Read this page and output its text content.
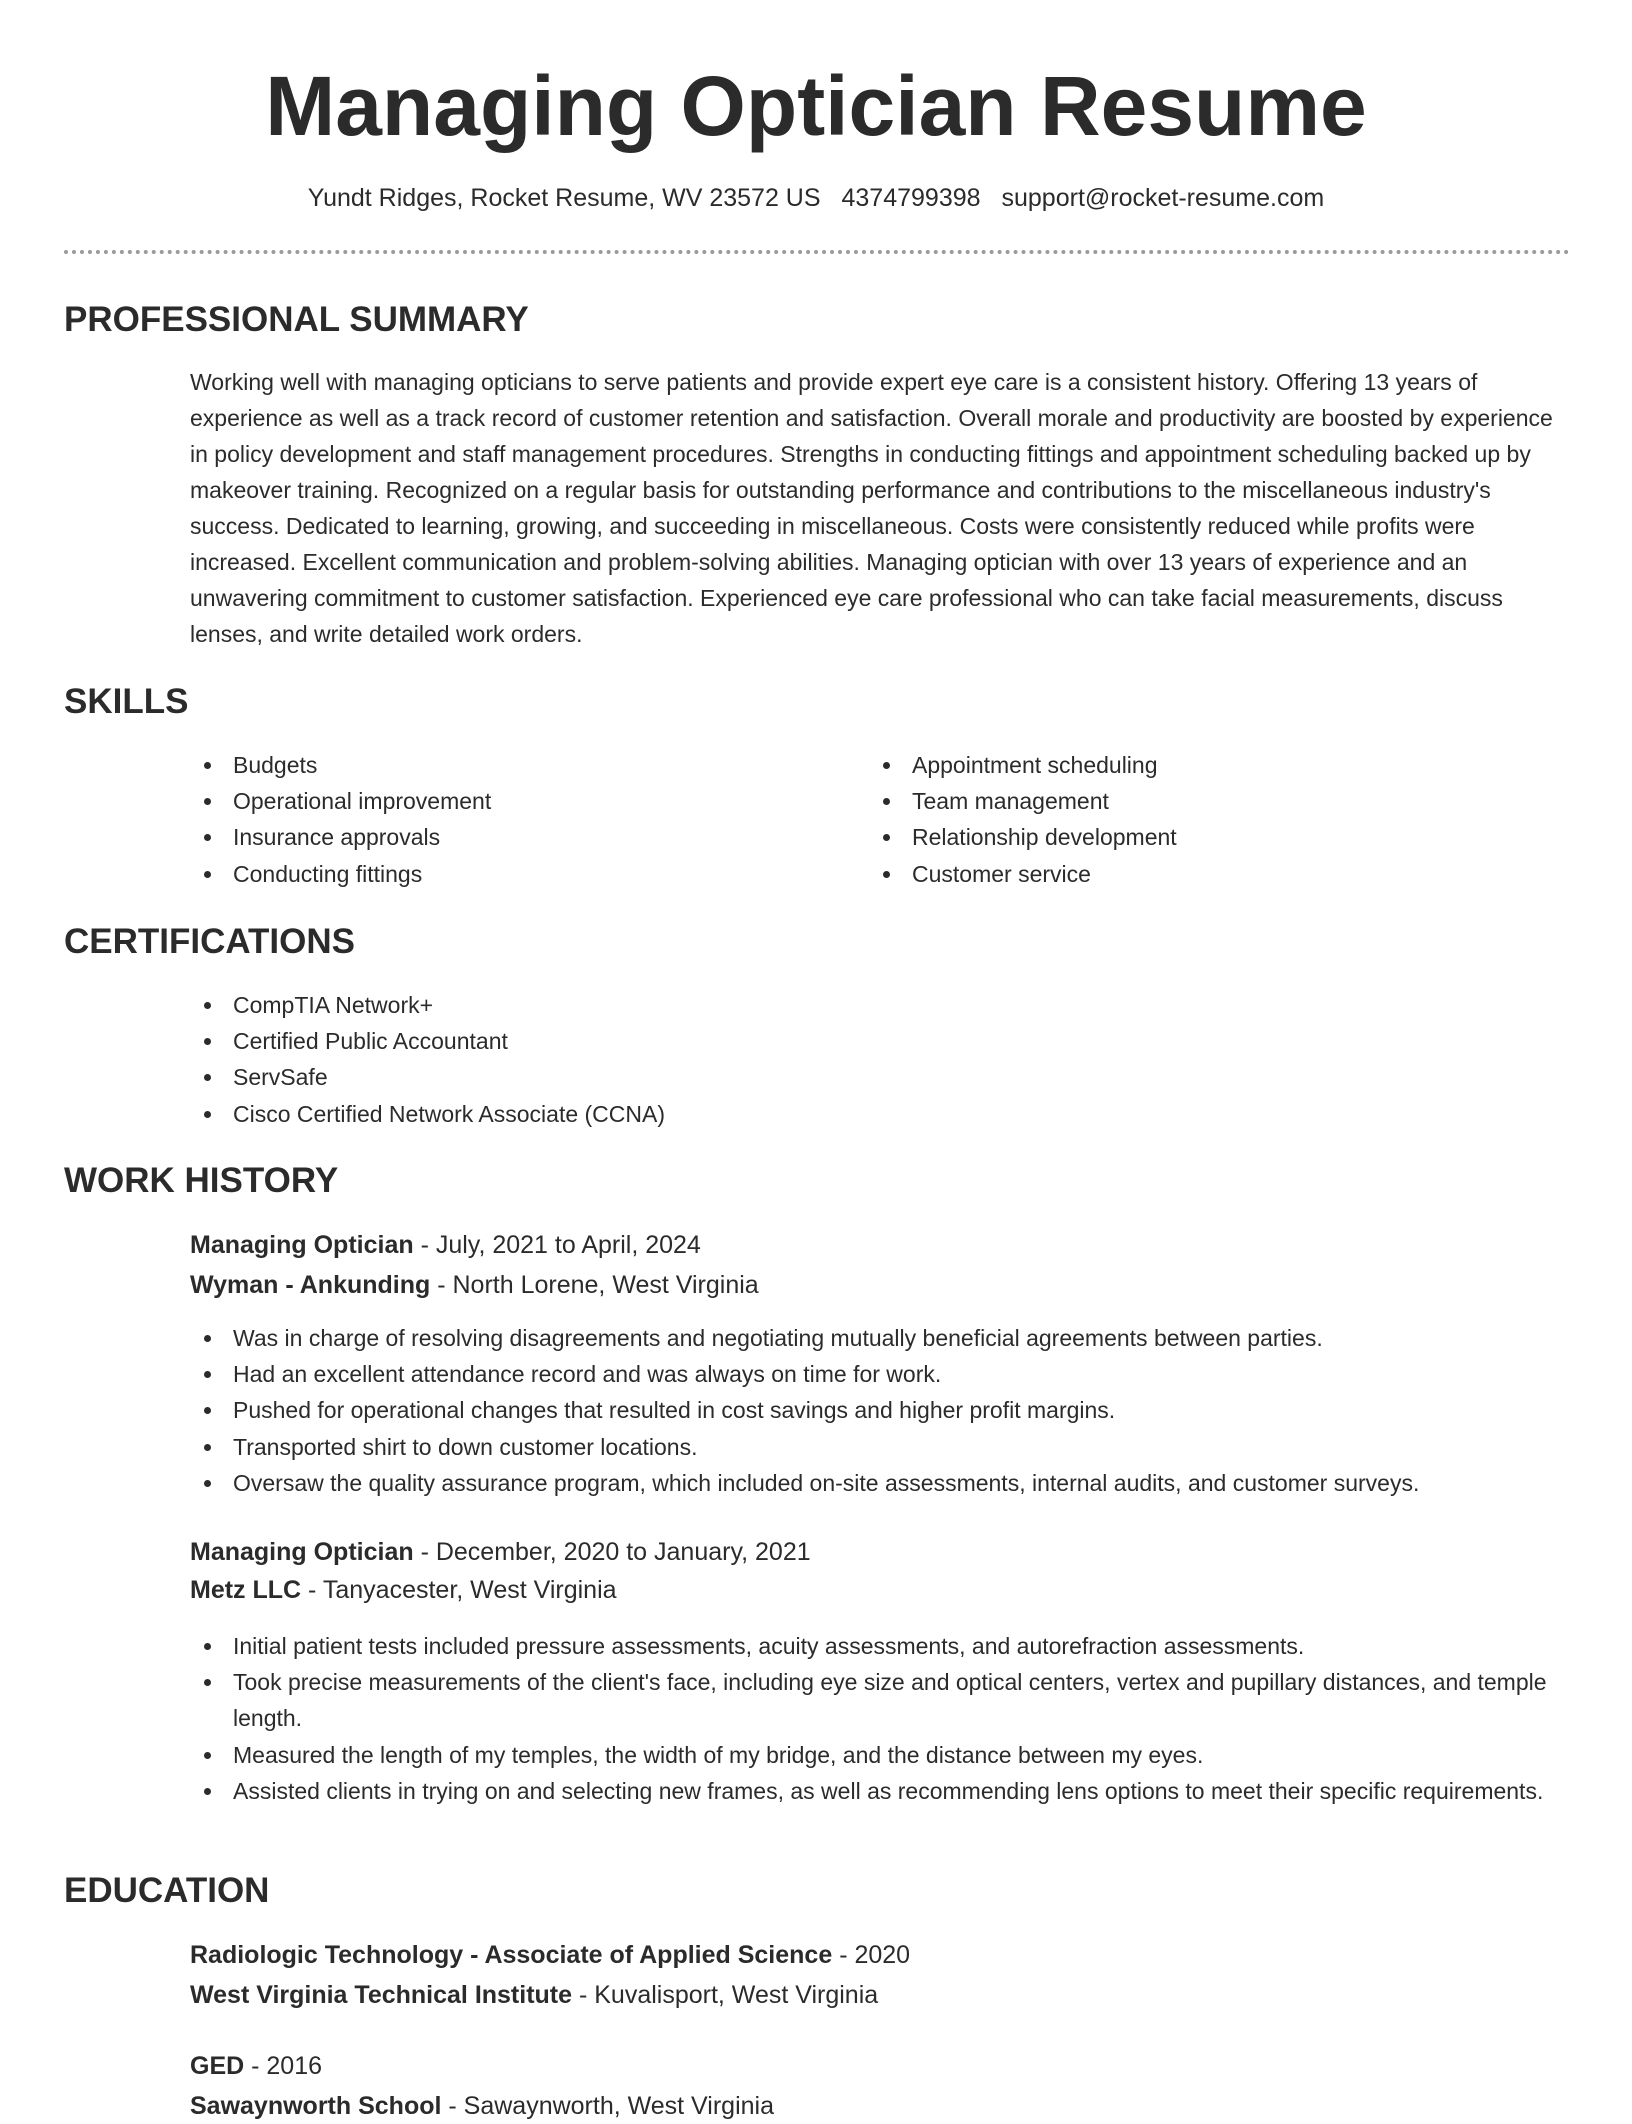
Managing Optician Resume
Yundt Ridges, Rocket Resume, WV 23572 US 4374799398 support@rocket-resume.com
PROFESSIONAL SUMMARY
Working well with managing opticians to serve patients and provide expert eye care is a consistent history. Offering 13 years of experience as well as a track record of customer retention and satisfaction. Overall morale and productivity are boosted by experience in policy development and staff management procedures. Strengths in conducting fittings and appointment scheduling backed up by makeover training. Recognized on a regular basis for outstanding performance and contributions to the miscellaneous industry's success. Dedicated to learning, growing, and succeeding in miscellaneous. Costs were consistently reduced while profits were increased. Excellent communication and problem-solving abilities. Managing optician with over 13 years of experience and an unwavering commitment to customer satisfaction. Experienced eye care professional who can take facial measurements, discuss lenses, and write detailed work orders.
SKILLS
Budgets
Operational improvement
Insurance approvals
Conducting fittings
Appointment scheduling
Team management
Relationship development
Customer service
CERTIFICATIONS
CompTIA Network+
Certified Public Accountant
ServSafe
Cisco Certified Network Associate (CCNA)
WORK HISTORY
Managing Optician - July, 2021 to April, 2024
Wyman - Ankunding - North Lorene, West Virginia
Was in charge of resolving disagreements and negotiating mutually beneficial agreements between parties.
Had an excellent attendance record and was always on time for work.
Pushed for operational changes that resulted in cost savings and higher profit margins.
Transported shirt to down customer locations.
Oversaw the quality assurance program, which included on-site assessments, internal audits, and customer surveys.
Managing Optician - December, 2020 to January, 2021
Metz LLC - Tanyacester, West Virginia
Initial patient tests included pressure assessments, acuity assessments, and autorefraction assessments.
Took precise measurements of the client's face, including eye size and optical centers, vertex and pupillary distances, and temple length.
Measured the length of my temples, the width of my bridge, and the distance between my eyes.
Assisted clients in trying on and selecting new frames, as well as recommending lens options to meet their specific requirements.
EDUCATION
Radiologic Technology - Associate of Applied Science - 2020
West Virginia Technical Institute - Kuvalisport, West Virginia
GED - 2016
Sawaynworth School - Sawaynworth, West Virginia
